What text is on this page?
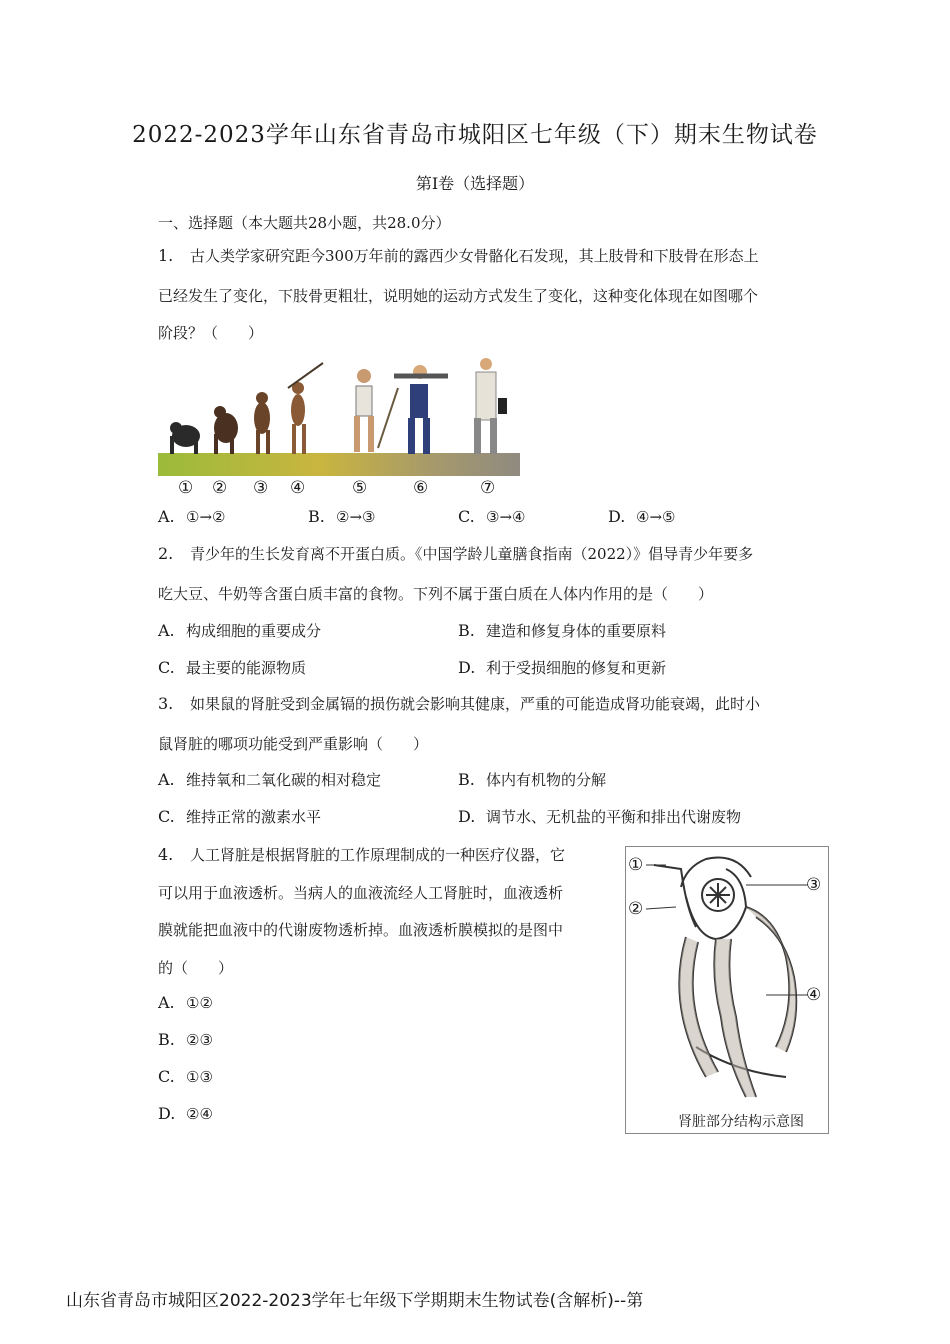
2022-2023学年山东省青岛市城阳区七年级（下）期末生物试卷
第I卷（选择题）
一、选择题（本大题共28小题，共28.0分）
1. 古人类学家研究距今300万年前的露西少女骨骼化石发现，其上肢骨和下肢骨在形态上
已经发生了变化，下肢骨更粗壮，说明她的运动方式发生了变化，这种变化体现在如图哪个
阶段？（　　）
① ② ③ ④	⑤	⑥	⑦
A. ①→②	B. ②→③	C. ③→④	D. ④→⑤
2. 青少年的生长发育离不开蛋白质。《中国学龄儿童膳食指南（2022）》倡导青少年要多
吃大豆、牛奶等含蛋白质丰富的食物。下列不属于蛋白质在人体内作用的是（　　）
A. 构成细胞的重要成分	B. 建造和修复身体的重要原料
C. 最主要的能源物质	D. 利于受损细胞的修复和更新
3. 如果鼠的肾脏受到金属镉的损伤就会影响其健康，严重的可能造成肾功能衰竭，此时小
鼠肾脏的哪项功能受到严重影响（　　）
A. 维持氧和二氧化碳的相对稳定	B. 体内有机物的分解
C. 维持正常的激素水平	D. 调节水、无机盐的平衡和排出代谢废物
4. 人工肾脏是根据肾脏的工作原理制成的一种医疗仪器，它
可以用于血液透析。当病人的血液流经人工肾脏时，血液透析
膜就能把血液中的代谢废物透析掉。血液透析膜模拟的是图中
的（　　）
A. ①②
B. ②③
C. ①③
D. ②④
①
②
③
④
肾脏部分结构示意图
山东省青岛市城阳区2022-2023学年七年级下学期期末生物试卷(含解析)--第
